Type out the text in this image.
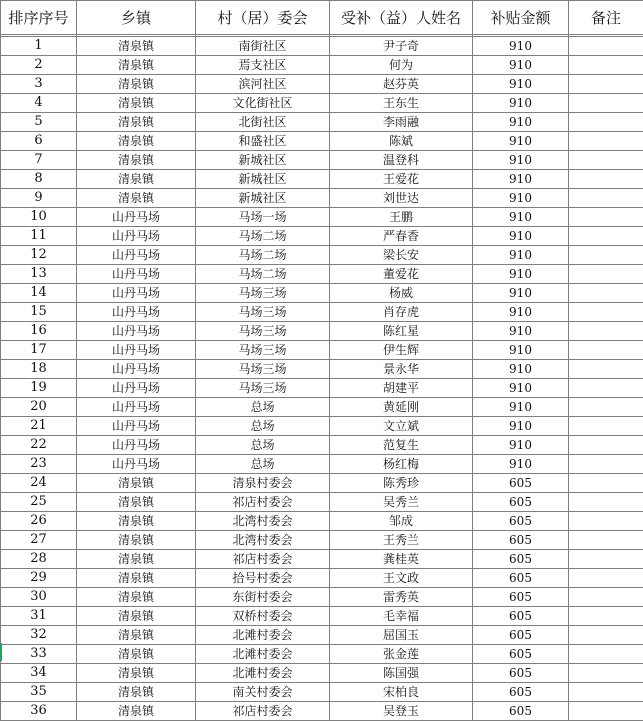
排序序号	乡镇	村（居）委会	受补（益）人姓名	补贴金额	备注

1	清泉镇	南街社区	尹子奇	910	
2	清泉镇	焉支社区	何为	910	
3	清泉镇	滨河社区	赵芬英	910	
4	清泉镇	文化街社区	王东生	910	
5	清泉镇	北街社区	李雨融	910	
6	清泉镇	和盛社区	陈斌	910	
7	清泉镇	新城社区	温登科	910	
8	清泉镇	新城社区	王爱花	910	
9	清泉镇	新城社区	刘世达	910	
10	山丹马场	马场一场	王鹏	910	
11	山丹马场	马场二场	严春香	910	
12	山丹马场	马场二场	梁长安	910	
13	山丹马场	马场二场	董爱花	910	
14	山丹马场	马场三场	杨威	910	
15	山丹马场	马场三场	肖存虎	910	
16	山丹马场	马场三场	陈红星	910	
17	山丹马场	马场三场	伊生辉	910	
18	山丹马场	马场三场	景永华	910	
19	山丹马场	马场三场	胡建平	910	
20	山丹马场	总场	黄延刚	910	
21	山丹马场	总场	文立斌	910	
22	山丹马场	总场	范复生	910	
23	山丹马场	总场	杨红梅	910	
24	清泉镇	清泉村委会	陈秀珍	605	
25	清泉镇	祁店村委会	吴秀兰	605	
26	清泉镇	北湾村委会	邹成	605	
27	清泉镇	北湾村委会	王秀兰	605	
28	清泉镇	祁店村委会	龚桂英	605	
29	清泉镇	拾号村委会	王文政	605	
30	清泉镇	东街村委会	雷秀英	605	
31	清泉镇	双桥村委会	毛幸福	605	
32	清泉镇	北滩村委会	屈国玉	605	
33	清泉镇	北滩村委会	张金莲	605	
34	清泉镇	北滩村委会	陈国强	605	
35	清泉镇	南关村委会	宋柏良	605	
36	清泉镇	祁店村委会	吴登玉	605	
